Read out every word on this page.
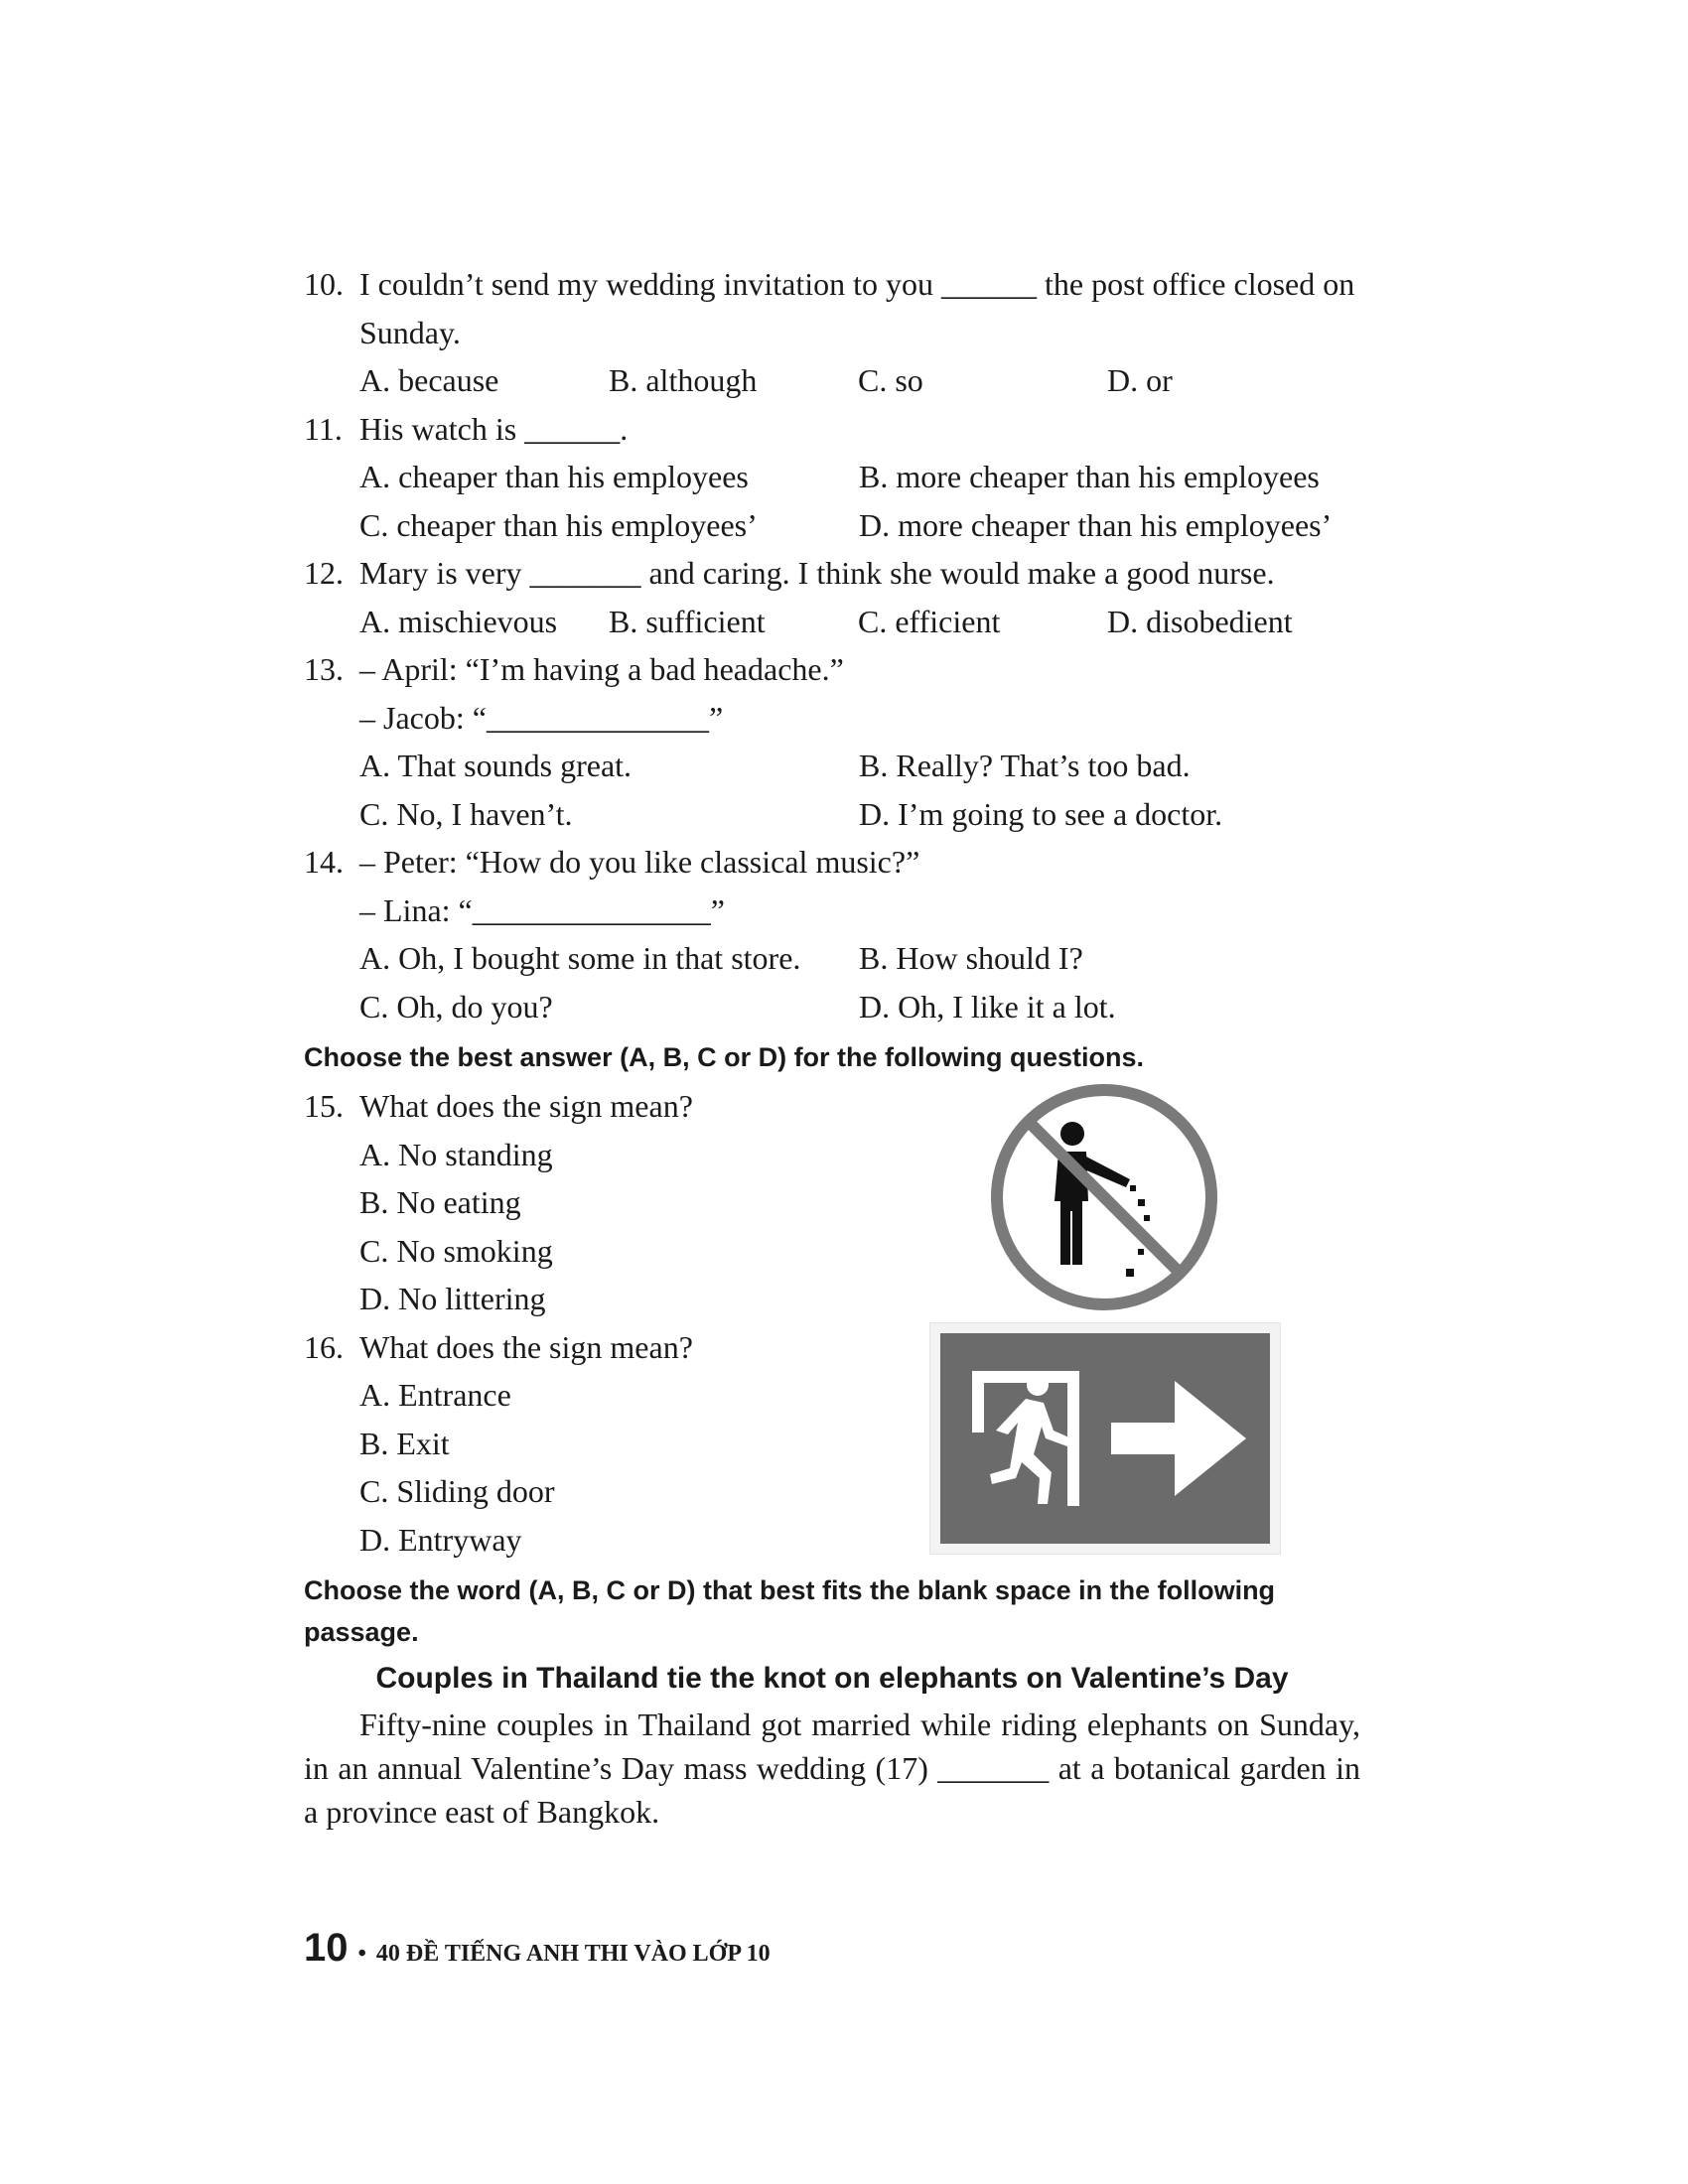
10. I couldn’t send my wedding invitation to you ______ the post office closed on Sunday.
A. because	B. although	C. so	D. or
11. His watch is ______.
A. cheaper than his employees	B. more cheaper than his employees
C. cheaper than his employees’	D. more cheaper than his employees’
12. Mary is very _______ and caring. I think she would make a good nurse.
A. mischievous	B. sufficient	C. efficient	D. disobedient
13. – April: “I’m having a bad headache.”
– Jacob: “______________”
A. That sounds great.	B. Really? That’s too bad.
C. No, I haven’t.	D. I’m going to see a doctor.
14. – Peter: “How do you like classical music?”
– Lina: “_______________”
A. Oh, I bought some in that store.	B. How should I?
C. Oh, do you?	D. Oh, I like it a lot.
Choose the best answer (A, B, C or D) for the following questions.
15. What does the sign mean?
A. No standing
B. No eating
C. No smoking
D. No littering
16. What does the sign mean?
A. Entrance
B. Exit
C. Sliding door
D. Entryway
Choose the word (A, B, C or D) that best fits the blank space in the following passage.
Couples in Thailand tie the knot on elephants on Valentine’s Day
Fifty-nine couples in Thailand got married while riding elephants on Sunday, in an annual Valentine’s Day mass wedding (17) _______ at a botanical garden in a province east of Bangkok.
10 • 40 ĐỀ TIẾNG ANH THI VÀO LỚP 10
